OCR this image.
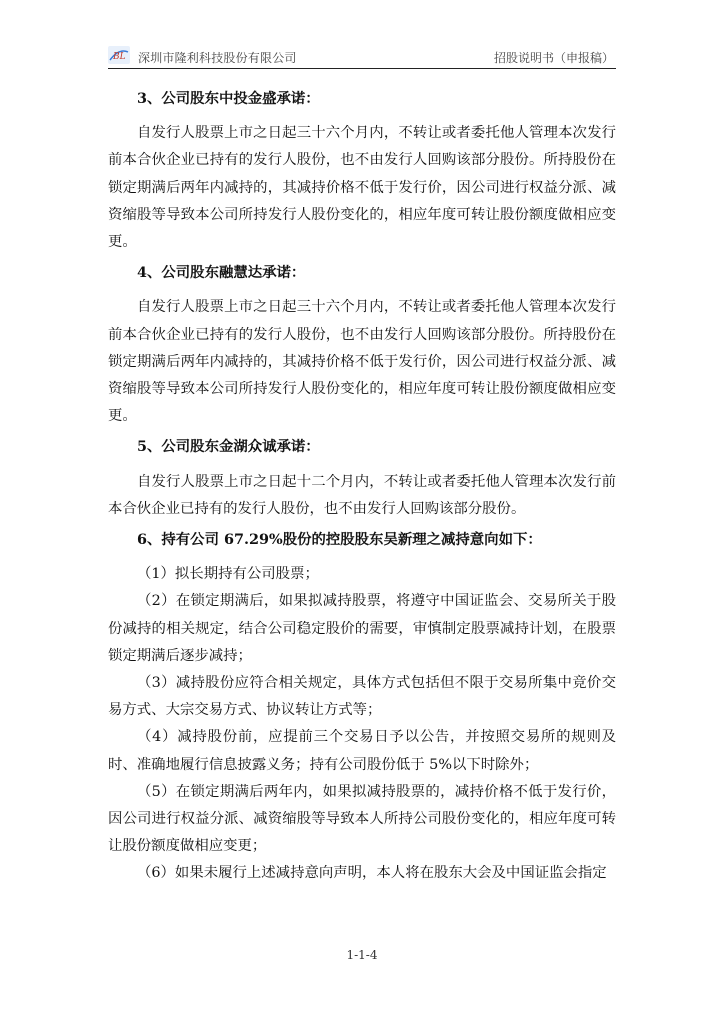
BL 深圳市隆利科技股份有限公司	招股说明书（申报稿）

3、公司股东中投金盛承诺：

自发行人股票上市之日起三十六个月内，不转让或者委托他人管理本次发行前本合伙企业已持有的发行人股份，也不由发行人回购该部分股份。所持股份在锁定期满后两年内减持的，其减持价格不低于发行价，因公司进行权益分派、减资缩股等导致本公司所持发行人股份变化的，相应年度可转让股份额度做相应变更。

4、公司股东融慧达承诺：

自发行人股票上市之日起三十六个月内，不转让或者委托他人管理本次发行前本合伙企业已持有的发行人股份，也不由发行人回购该部分股份。所持股份在锁定期满后两年内减持的，其减持价格不低于发行价，因公司进行权益分派、减资缩股等导致本公司所持发行人股份变化的，相应年度可转让股份额度做相应变更。

5、公司股东金湖众诚承诺：

自发行人股票上市之日起十二个月内，不转让或者委托他人管理本次发行前本合伙企业已持有的发行人股份，也不由发行人回购该部分股份。

6、持有公司 67.29%股份的控股股东吴新理之减持意向如下：

（1）拟长期持有公司股票；

（2）在锁定期满后，如果拟减持股票，将遵守中国证监会、交易所关于股份减持的相关规定，结合公司稳定股价的需要，审慎制定股票减持计划，在股票锁定期满后逐步减持；

（3）减持股份应符合相关规定，具体方式包括但不限于交易所集中竞价交易方式、大宗交易方式、协议转让方式等；

（4）减持股份前，应提前三个交易日予以公告，并按照交易所的规则及时、准确地履行信息披露义务；持有公司股份低于 5%以下时除外；

（5）在锁定期满后两年内，如果拟减持股票的，减持价格不低于发行价，因公司进行权益分派、减资缩股等导致本人所持公司股份变化的，相应年度可转让股份额度做相应变更；

（6）如果未履行上述减持意向声明，本人将在股东大会及中国证监会指定

1-1-4
